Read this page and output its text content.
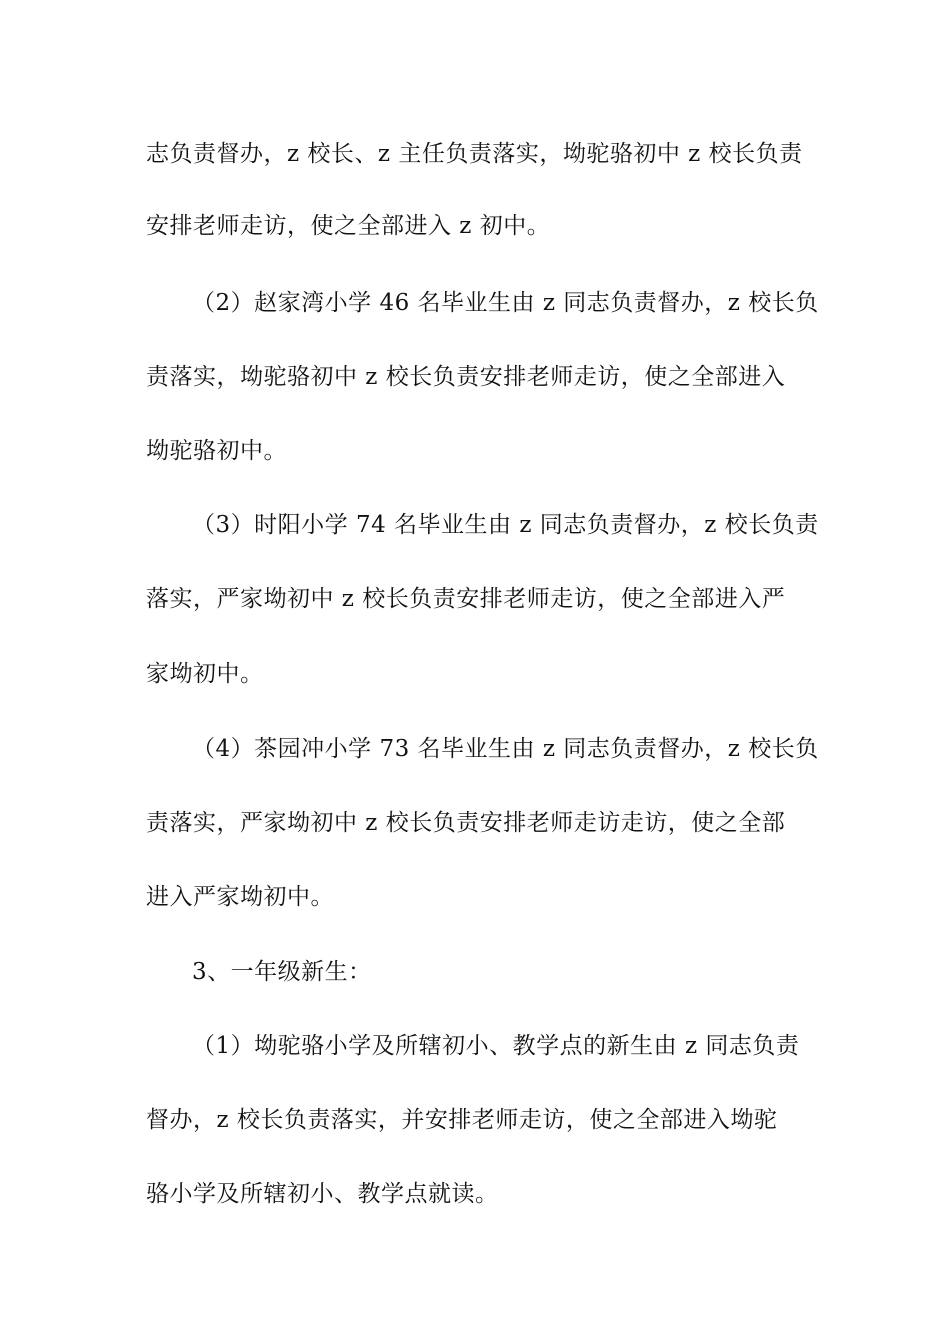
志负责督办，z 校长、z 主任负责落实，坳驼骆初中 z 校长负责
安排老师走访，使之全部进入 z 初中。
（2）赵家湾小学 46 名毕业生由 z 同志负责督办，z 校长负
责落实，坳驼骆初中 z 校长负责安排老师走访，使之全部进入
坳驼骆初中。
（3）时阳小学 74 名毕业生由 z 同志负责督办，z 校长负责
落实，严家坳初中 z 校长负责安排老师走访，使之全部进入严
家坳初中。
（4）茶园冲小学 73 名毕业生由 z 同志负责督办，z 校长负
责落实，严家坳初中 z 校长负责安排老师走访走访，使之全部
进入严家坳初中。
3、一年级新生：
（1）坳驼骆小学及所辖初小、教学点的新生由 z 同志负责
督办，z 校长负责落实，并安排老师走访，使之全部进入坳驼
骆小学及所辖初小、教学点就读。
